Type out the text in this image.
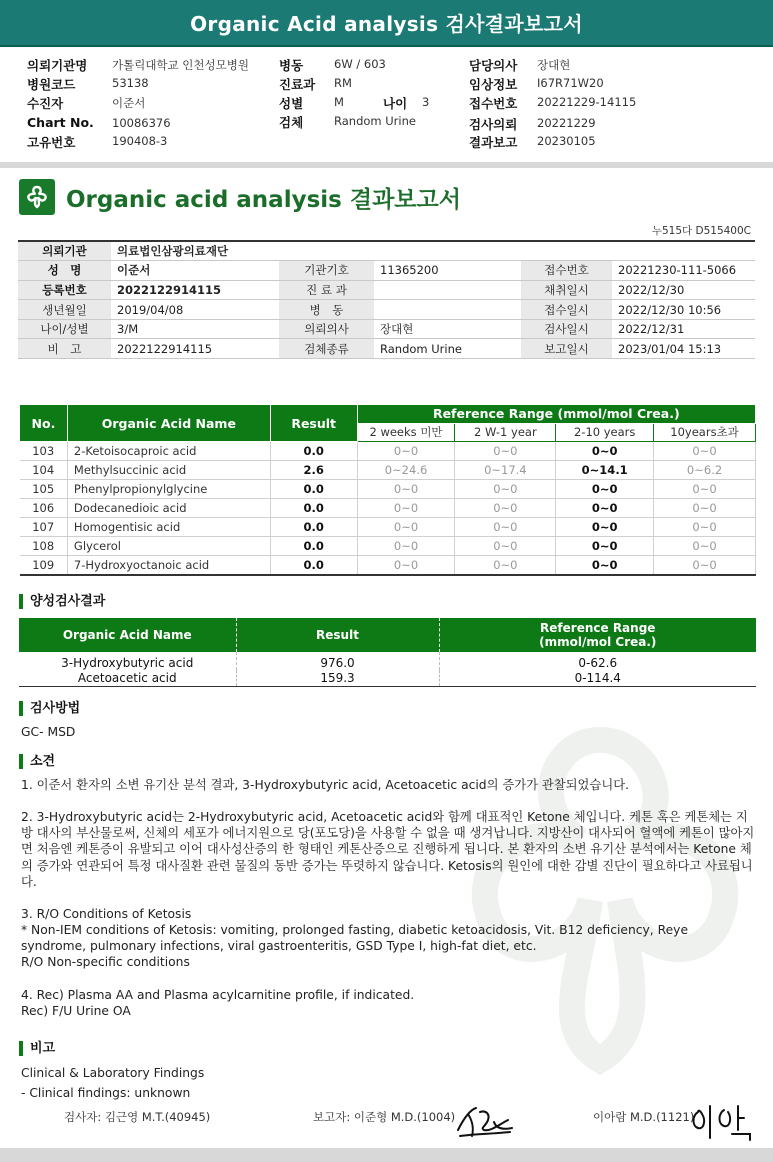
Organic Acid analysis 검사결과보고서
의뢰기관명 가톨릭대학교 인천성모병원
병원코드	53138
수진자	이준서
Chart No. 10086376
고유번호	190408-3
병동	6W / 603
진료과 RM
성별	M	나이 3
검체	Random Urine
담당의사 장대현
임상정보 I67R71W20
접수번호 20221229-14115
검사의뢰 20221229
결과보고 20230105
Organic acid analysis 결과보고서
누515다 D515400C
의뢰기관	의료법인삼광의료재단				
성　명	이준서	기관기호	11365200	접수번호	20221230-111-5066
등록번호	2022122914115	진 료 과		채취일시	2022/12/30
생년월일	2019/04/08	병　동		접수일시	2022/12/30 10:56
나이/성별	3/M	의뢰의사	장대현	검사일시	2022/12/31
비　고	2022122914115	검체종류	Random Urine	보고일시	2023/01/04 15:13
No.	Organic Acid Name	Result	Reference Range (mmol/mol Crea.)			
			2 weeks 미만	2 W-1 year	2-10 years	10years초과
103	2-Ketoisocaproic acid	0.0	0~0	0~0	0~0	0~0
104	Methylsuccinic acid	2.6	0~24.6	0~17.4	0~14.1	0~6.2
105	Phenylpropionylglycine	0.0	0~0	0~0	0~0	0~0
106	Dodecanedioic acid	0.0	0~0	0~0	0~0	0~0
107	Homogentisic acid	0.0	0~0	0~0	0~0	0~0
108	Glycerol	0.0	0~0	0~0	0~0	0~0
109	7-Hydroxyoctanoic acid	0.0	0~0	0~0	0~0	0~0
양성검사결과
Organic Acid Name	Result	Reference Range
(mmol/mol Crea.)

3-Hydroxybutyric acid	976.0	0-62.6
Acetoacetic acid	159.3	0-114.4
검사방법
GC- MSD
소견
1. 이준서 환자의 소변 유기산 분석 결과, 3-Hydroxybutyric acid, Acetoacetic acid의 증가가 관찰되었습니다.
2. 3-Hydroxybutyric acid는 2-Hydroxybutyric acid, Acetoacetic acid와 함께 대표적인 Ketone 체입니다. 케톤 혹은 케톤체는 지방 대사의 부산물로써, 신체의 세포가 에너지원으로 당(포도당)을 사용할 수 없을 때 생겨납니다. 지방산이 대사되어 혈액에 케톤이 많아지면 처음엔 케톤증이 유발되고 이어 대사성산증의 한 형태인 케톤산증으로 진행하게 됩니다. 본 환자의 소변 유기산 분석에서는 Ketone 체의 증가와 연관되어 특정 대사질환 관련 물질의 동반 증가는 뚜렷하지 않습니다. Ketosis의 원인에 대한 감별 진단이 필요하다고 사료됩니다.
3. R/O Conditions of Ketosis
* Non-IEM conditions of Ketosis: vomiting, prolonged fasting, diabetic ketoacidosis, Vit. B12 deficiency, Reye syndrome, pulmonary infections, viral gastroenteritis, GSD Type I, high-fat diet, etc.
R/O Non-specific conditions
4. Rec) Plasma AA and Plasma acylcarnitine profile, if indicated.
Rec) F/U Urine OA
비고
Clinical & Laboratory Findings
- Clinical findings: unknown
검사자: 김근영 M.T.(40945)	보고자: 이준형 M.D.(1004)	이아람 M.D.(1121)
